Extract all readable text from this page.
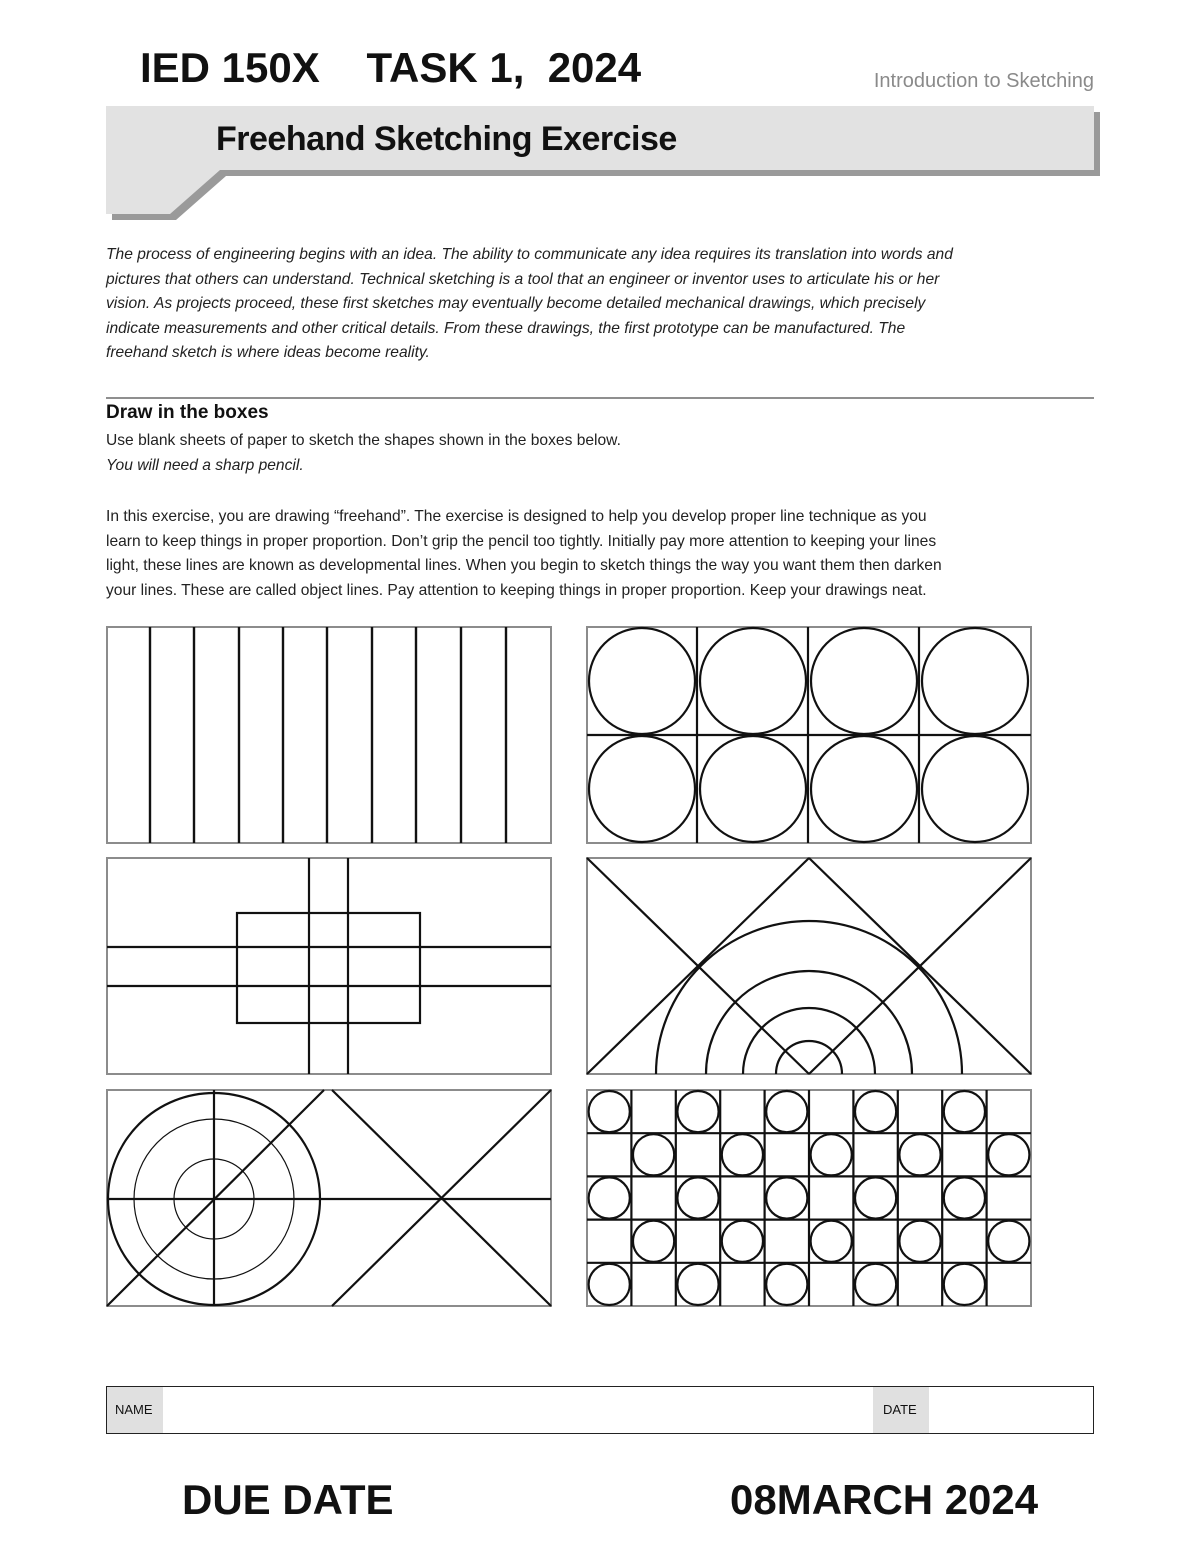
IED 150X    TASK 1,  2024	Introduction to Sketching
Freehand Sketching Exercise
The process of engineering begins with an idea. The ability to communicate any idea requires its translation into words and pictures that others can understand. Technical sketching is a tool that an engineer or inventor uses to articulate his or her vision. As projects proceed, these first sketches may eventually become detailed mechanical drawings, which precisely indicate measurements and other critical details. From these drawings, the first prototype can be manufactured. The freehand sketch is where ideas become reality.
Draw in the boxes
Use blank sheets of paper to sketch the shapes shown in the boxes below.
You will need a sharp pencil.
In this exercise, you are drawing “freehand”. The exercise is designed to help you develop proper line technique as you learn to keep things in proper proportion. Don’t grip the pencil too tightly. Initially pay more attention to keeping your lines light, these lines are known as developmental lines. When you begin to sketch things the way you want them then darken your lines. These are called object lines. Pay attention to keeping things in proper proportion. Keep your drawings neat.
NAME	DATE
DUE DATE	08MARCH 2024
